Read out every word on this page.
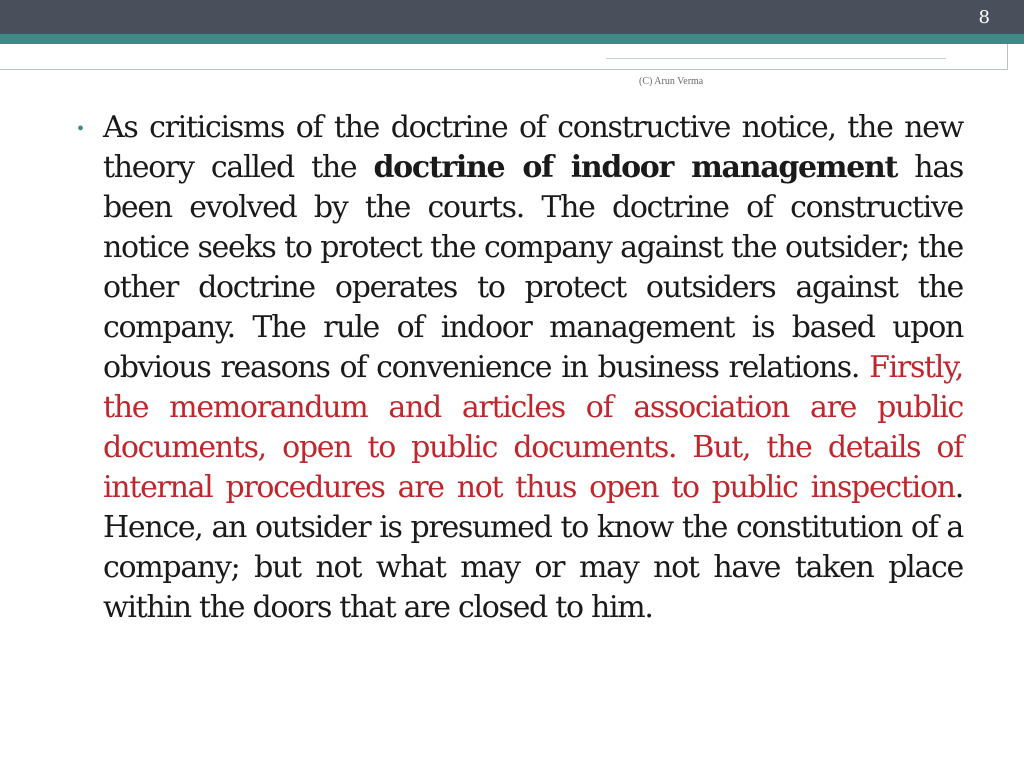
8
(C) Arun Verma
• As criticisms of the doctrine of constructive notice, the new theory called the doctrine of indoor management has been evolved by the courts. The doctrine of constructive notice seeks to protect the company against the outsider; the other doctrine operates to protect outsiders against the company. The rule of indoor management is based upon obvious reasons of convenience in business relations. Firstly, the memorandum and articles of association are public documents, open to public documents. But, the details of internal procedures are not thus open to public inspection. Hence, an outsider is presumed to know the constitution of a company; but not what may or may not have taken place within the doors that are closed to him.
